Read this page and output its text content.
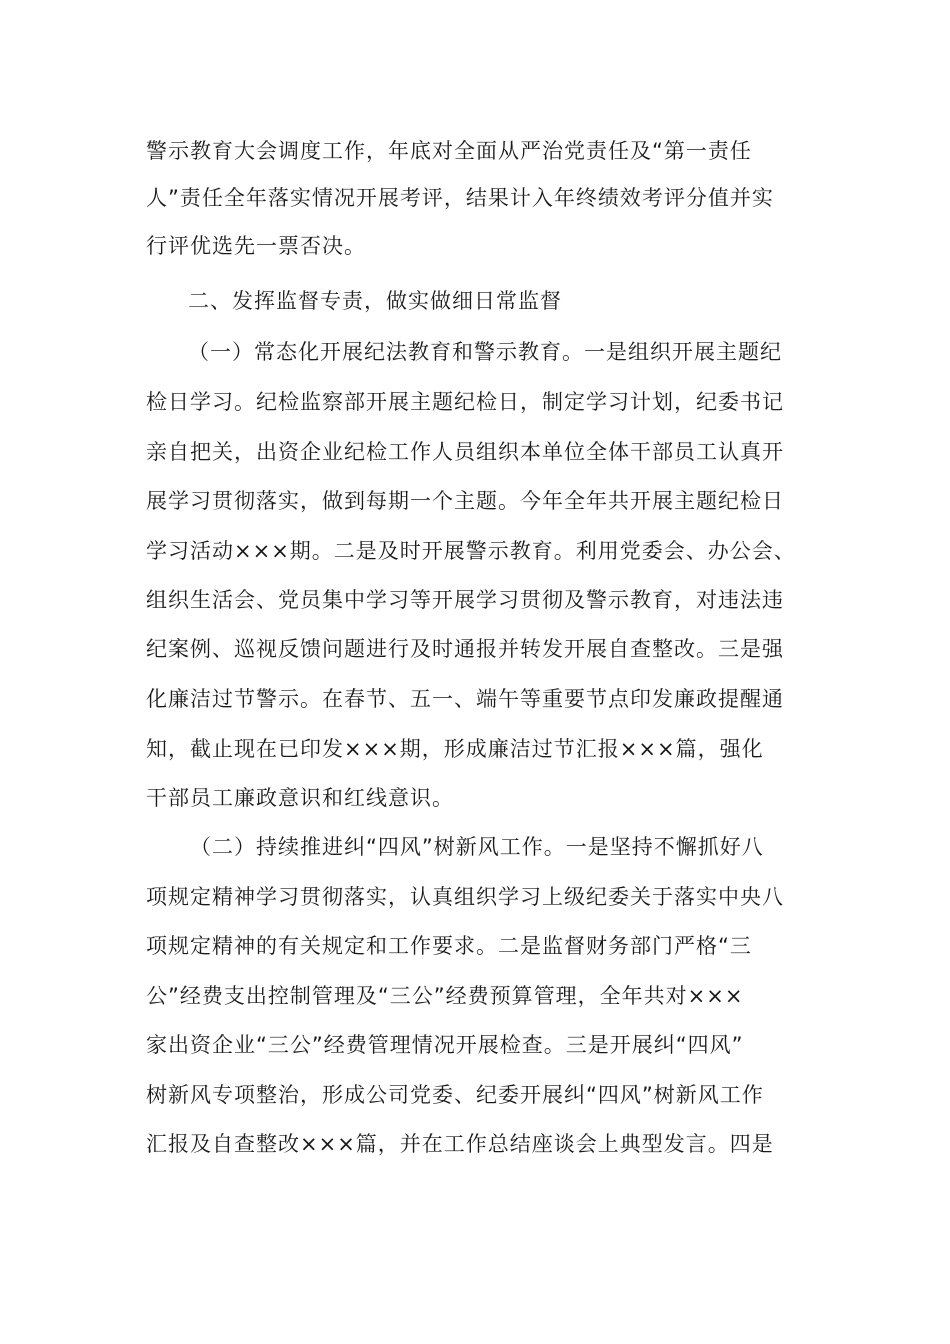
警示教育大会调度工作，年底对全面从严治党责任及“第一责任
人”责任全年落实情况开展考评，结果计入年终绩效考评分值并实
行评优选先一票否决。
二、发挥监督专责，做实做细日常监督
（一）常态化开展纪法教育和警示教育。一是组织开展主题纪
检日学习。纪检监察部开展主题纪检日，制定学习计划，纪委书记
亲自把关，出资企业纪检工作人员组织本单位全体干部员工认真开
展学习贯彻落实，做到每期一个主题。今年全年共开展主题纪检日
学习活动×××期。二是及时开展警示教育。利用党委会、办公会、
组织生活会、党员集中学习等开展学习贯彻及警示教育，对违法违
纪案例、巡视反馈问题进行及时通报并转发开展自查整改。三是强
化廉洁过节警示。在春节、五一、端午等重要节点印发廉政提醒通
知，截止现在已印发×××期，形成廉洁过节汇报×××篇，强化
干部员工廉政意识和红线意识。
（二）持续推进纠“四风”树新风工作。一是坚持不懈抓好八
项规定精神学习贯彻落实，认真组织学习上级纪委关于落实中央八
项规定精神的有关规定和工作要求。二是监督财务部门严格“三
公”经费支出控制管理及“三公”经费预算管理，全年共对×××
家出资企业“三公”经费管理情况开展检查。三是开展纠“四风”
树新风专项整治，形成公司党委、纪委开展纠“四风”树新风工作
汇报及自查整改×××篇，并在工作总结座谈会上典型发言。四是
